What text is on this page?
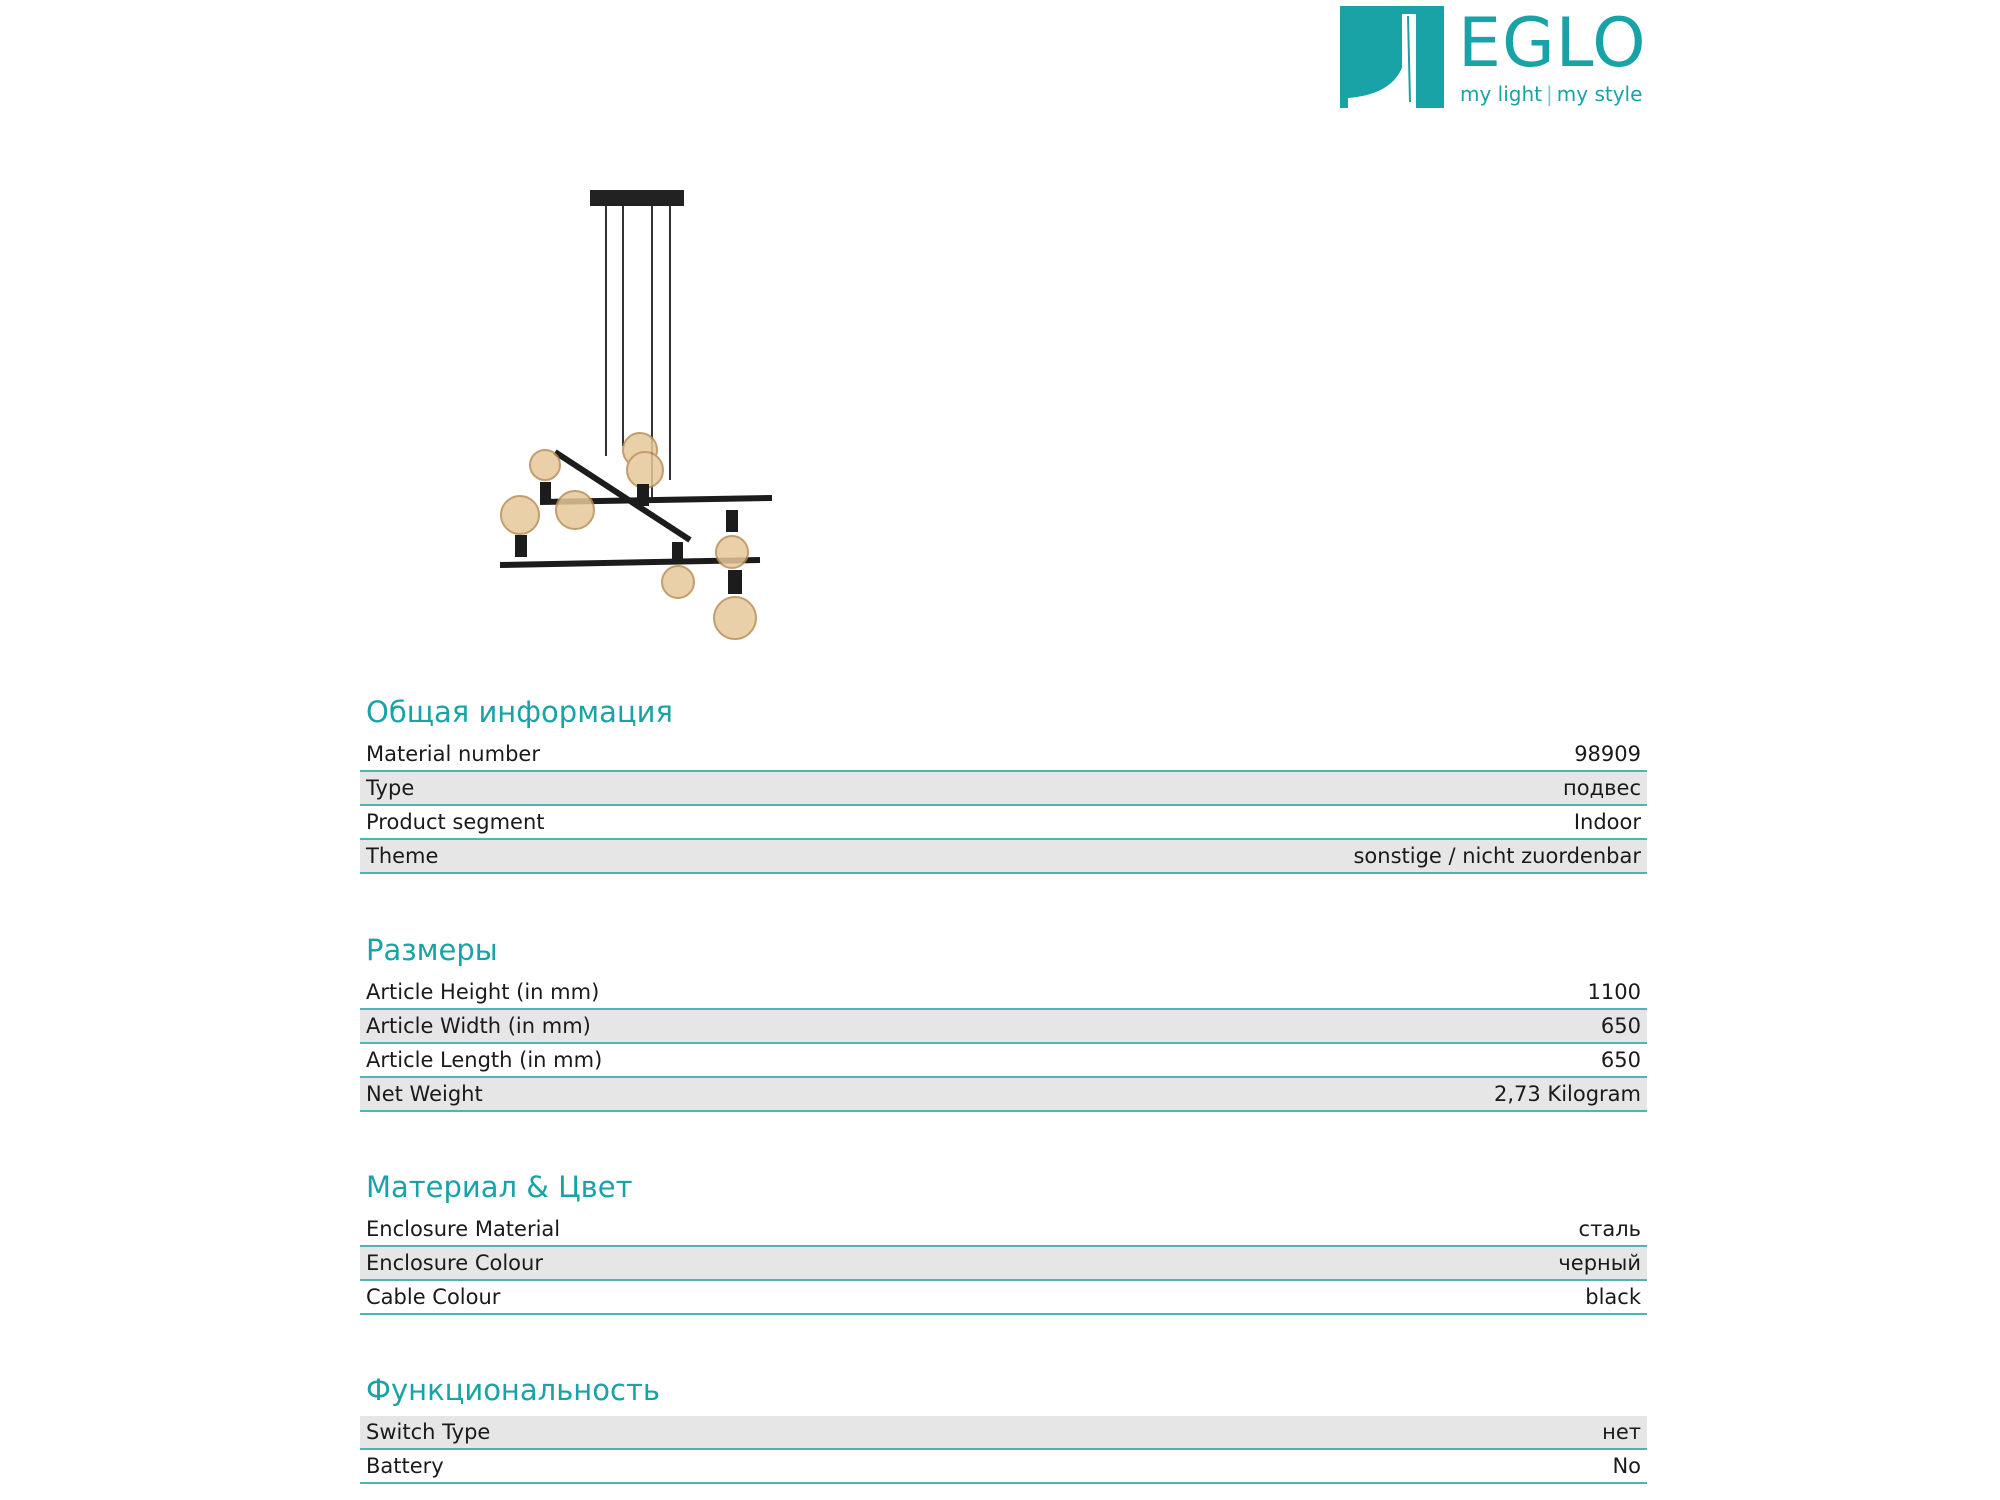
EGLO
my light | my style
Общая информация
Material number	98909
Type	подвес
Product segment	Indoor
Theme	sonstige / nicht zuordenbar
Размеры
Article Height (in mm)	1100
Article Width (in mm)	650
Article Length (in mm)	650
Net Weight	2,73 Kilogram
Материал & Цвет
Enclosure Material	сталь
Enclosure Colour	черный
Cable Colour	black
Функциональность
Switch Type	нет
Battery	No
